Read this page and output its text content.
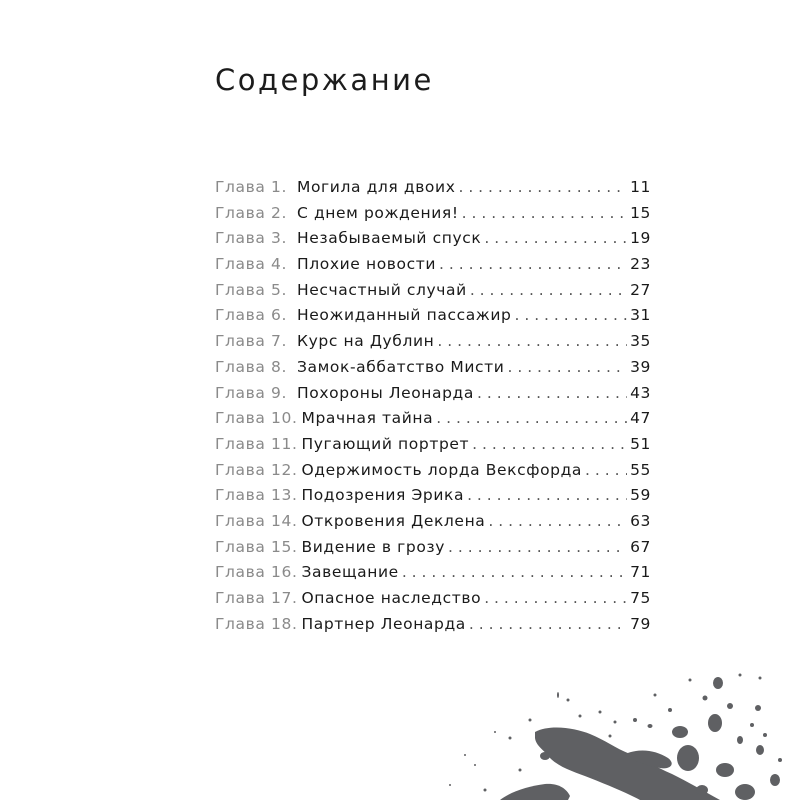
Содержание
Глава 1. Могила для двоих . . .	11
Глава 2. С днем рождения! . . .	15
Глава 3. Незабываемый спуск . . .	19
Глава 4. Плохие новости . . .	23
Глава 5. Несчастный случай . . .	27
Глава 6. Неожиданный пассажир . . .	31
Глава 7. Курс на Дублин . . .	35
Глава 8. Замок-аббатство Мисти . . .	39
Глава 9. Похороны Леонарда . . .	43
Глава 10. Мрачная тайна . . .	47
Глава 11. Пугающий портрет . . .	51
Глава 12. Одержимость лорда Вексфорда . . .	55
Глава 13. Подозрения Эрика . . .	59
Глава 14. Откровения Деклена . . .	63
Глава 15. Видение в грозу . . .	67
Глава 16. Завещание . . .	71
Глава 17. Опасное наследство . . .	75
Глава 18. Партнер Леонарда . . .	79
